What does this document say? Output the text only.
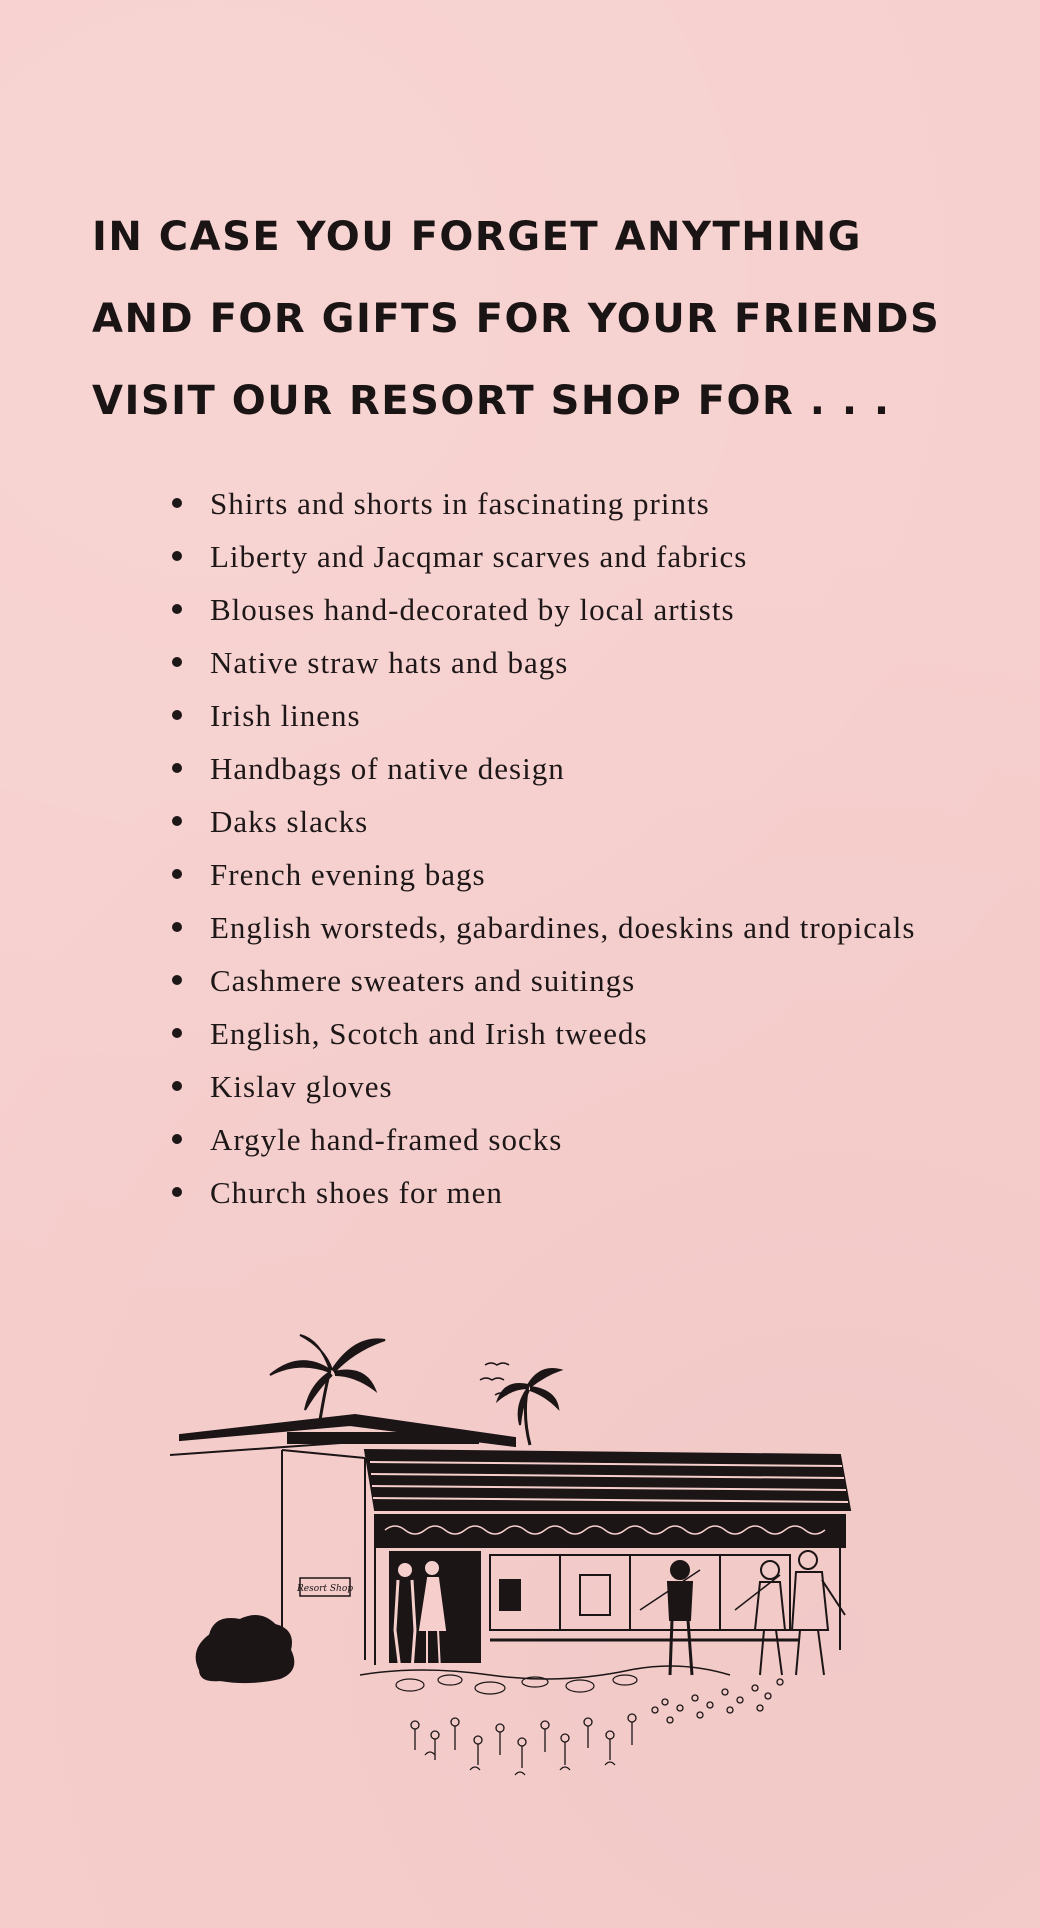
IN CASE YOU FORGET ANYTHING
AND FOR GIFTS FOR YOUR FRIENDS
VISIT OUR RESORT SHOP FOR . . .
Shirts and shorts in fascinating prints
Liberty and Jacqmar scarves and fabrics
Blouses hand-decorated by local artists
Native straw hats and bags
Irish linens
Handbags of native design
Daks slacks
French evening bags
English worsteds, gabardines, doeskins and tropicals
Cashmere sweaters and suitings
English, Scotch and Irish tweeds
Kislav gloves
Argyle hand-framed socks
Church shoes for men
Resort Shop
